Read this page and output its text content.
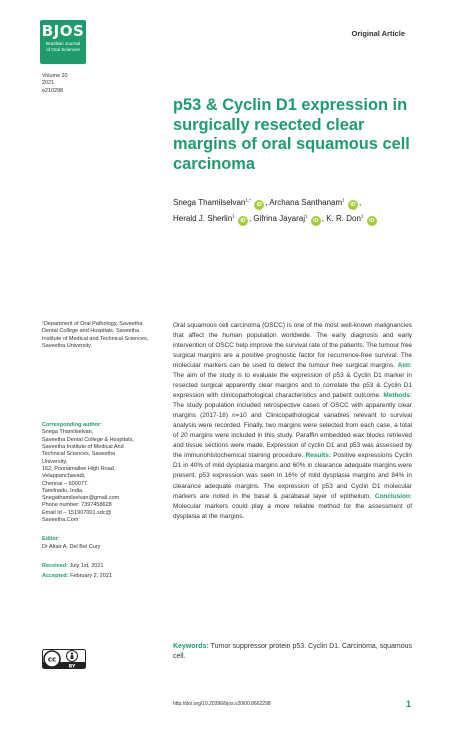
BJOS
Brazilian Journal
of Oral Sciences
Original Article
Volume 20
2021
e210298
p53 & Cyclin D1 expression in surgically resected clear margins of oral squamous cell carcinoma
Snega Thamilselvan$^{1,*}$ iD , Archana Santhanam$^1$ iD ,
Herald J. Sherlin$^1$ iD , Gifrina Jayaraj$^1$ iD , K. R. Don$^1$ iD
¹Department of Oral Pathology, Saveetha Dental College and Hospitals, Saveetha Institute of Medical and Technical Sciences, Saveetha University.
Corresponding author:
Snega Thamilselvan,
Saveetha Dental College & Hospitals,
Saveetha Institute of Medical And
Technical Sciences, Saveetha
University,
162, Poonamallee High Road,
Velappanchavadi,
Chennai – 600077.
Tamilnadu, India.
Snegathamilselvan@gmail.com
Phone number: 7397458628
Email Id – 151907001.sdc@
Saveetha.Com
Editor:
Dr Altair A. Del Bel Cury
Received: July 1st, 2021
Accepted: February 2, 2021
Oral squamous cell carcinoma (OSCC) is one of the most well-known malignancies that affect the human population worldwide. The early diagnosis and early intervention of OSCC help improve the survival rate of the patients. The tumour free surgical margins are a positive prognostic factor for recurrence-free survival. The molecular markers can be used to detect the tumour free surgical margins. Aim: The aim of the study is to evaluate the expression of p53 & Cyclin D1 marker in resected surgical apparently clear margins and to correlate the p53 & Cyclin D1 expression with clinicopathological characteristics and patient outcome. Methods: The study population included retrospective cases of OSCC with apparently clear margins (2017-18) n=10 and Clinicopathological variables relevant to survival analysis were recorded. Finally, two margins were selected from each case, a total of 20 margins were included in this study. Paraffin embedded wax blocks retrieved and tissue sections were made. Expression of cyclin D1 and p53 was assessed by the immunohistochemical staining procedure. Results: Positive expressions Cyclin D1 in 40% of mild dysplasia margins and 60% in clearance adequate margins were present. p53 expression was seen in 16% of mild dysplasia margins and 84% in clearance adequate margins. The expression of p53 and Cyclin D1 molecular markers are noted in the basal & parabasal layer of epithelium. Conclusion: Molecular markers could play a more reliable method for the assessment of dysplasia at the margins.
Keywords: Tumor suppressor protein p53. Cyclin D1. Carcinoma, squamous cell.
cc
BY
http://doi.org/10.20396/bjos.v20i00.8662298	1
